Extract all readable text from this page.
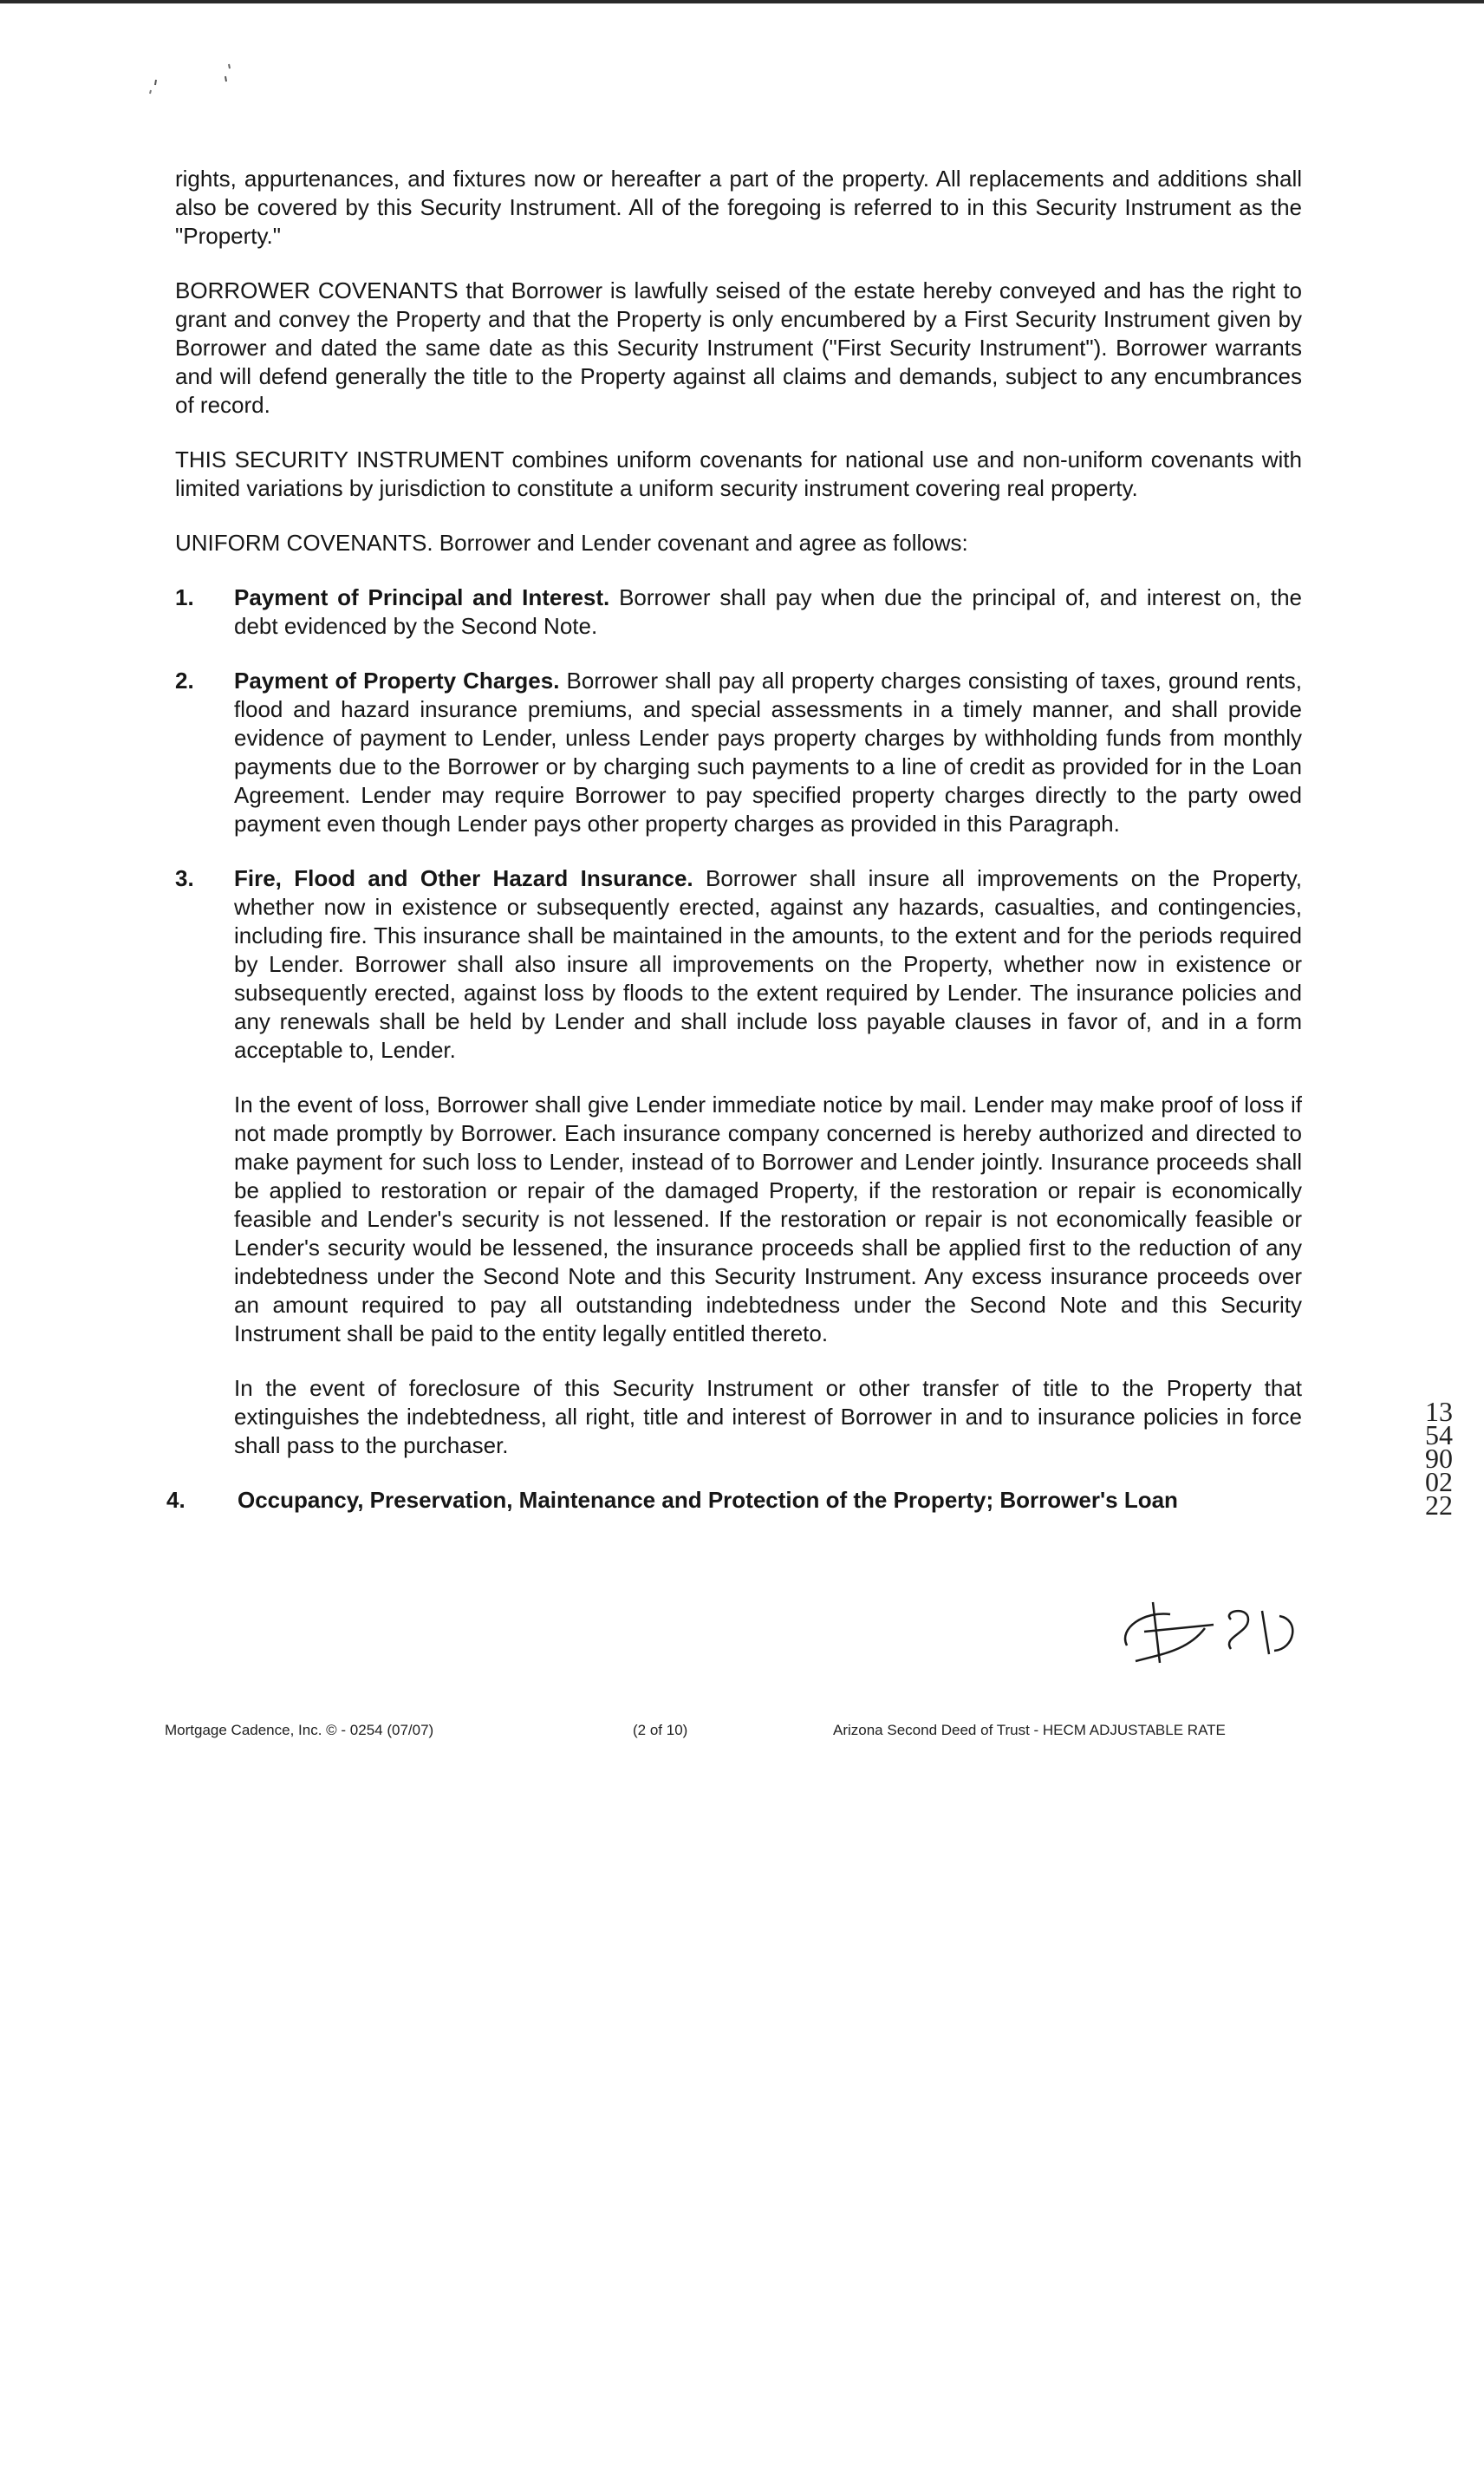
rights, appurtenances, and fixtures now or hereafter a part of the property. All replacements and additions shall also be covered by this Security Instrument. All of the foregoing is referred to in this Security Instrument as the "Property."

BORROWER COVENANTS that Borrower is lawfully seised of the estate hereby conveyed and has the right to grant and convey the Property and that the Property is only encumbered by a First Security Instrument given by Borrower and dated the same date as this Security Instrument ("First Security Instrument"). Borrower warrants and will defend generally the title to the Property against all claims and demands, subject to any encumbrances of record.

THIS SECURITY INSTRUMENT combines uniform covenants for national use and non-uniform covenants with limited variations by jurisdiction to constitute a uniform security instrument covering real property.

UNIFORM COVENANTS. Borrower and Lender covenant and agree as follows:

1. Payment of Principal and Interest. Borrower shall pay when due the principal of, and interest on, the debt evidenced by the Second Note.
2. Payment of Property Charges. Borrower shall pay all property charges consisting of taxes, ground rents, flood and hazard insurance premiums, and special assessments in a timely manner, and shall provide evidence of payment to Lender, unless Lender pays property charges by withholding funds from monthly payments due to the Borrower or by charging such payments to a line of credit as provided for in the Loan Agreement. Lender may require Borrower to pay specified property charges directly to the party owed payment even though Lender pays other property charges as provided in this Paragraph.
3. Fire, Flood and Other Hazard Insurance. Borrower shall insure all improvements on the Property, whether now in existence or subsequently erected, against any hazards, casualties, and contingencies, including fire. This insurance shall be maintained in the amounts, to the extent and for the periods required by Lender. Borrower shall also insure all improvements on the Property, whether now in existence or subsequently erected, against loss by floods to the extent required by Lender. The insurance policies and any renewals shall be held by Lender and shall include loss payable clauses in favor of, and in a form acceptable to, Lender.

In the event of loss, Borrower shall give Lender immediate notice by mail. Lender may make proof of loss if not made promptly by Borrower. Each insurance company concerned is hereby authorized and directed to make payment for such loss to Lender, instead of to Borrower and Lender jointly. Insurance proceeds shall be applied to restoration or repair of the damaged Property, if the restoration or repair is economically feasible and Lender's security is not lessened. If the restoration or repair is not economically feasible or Lender's security would be lessened, the insurance proceeds shall be applied first to the reduction of any indebtedness under the Second Note and this Security Instrument. Any excess insurance proceeds over an amount required to pay all outstanding indebtedness under the Second Note and this Security Instrument shall be paid to the entity legally entitled thereto.

In the event of foreclosure of this Security Instrument or other transfer of title to the Property that extinguishes the indebtedness, all right, title and interest of Borrower in and to insurance policies in force shall pass to the purchaser.

4. Occupancy, Preservation, Maintenance and Protection of the Property; Borrower's Loan
1354900222
Mortgage Cadence, Inc. © - 0254 (07/07)	(2 of 10)	Arizona Second Deed of Trust - HECM ADJUSTABLE RATE
